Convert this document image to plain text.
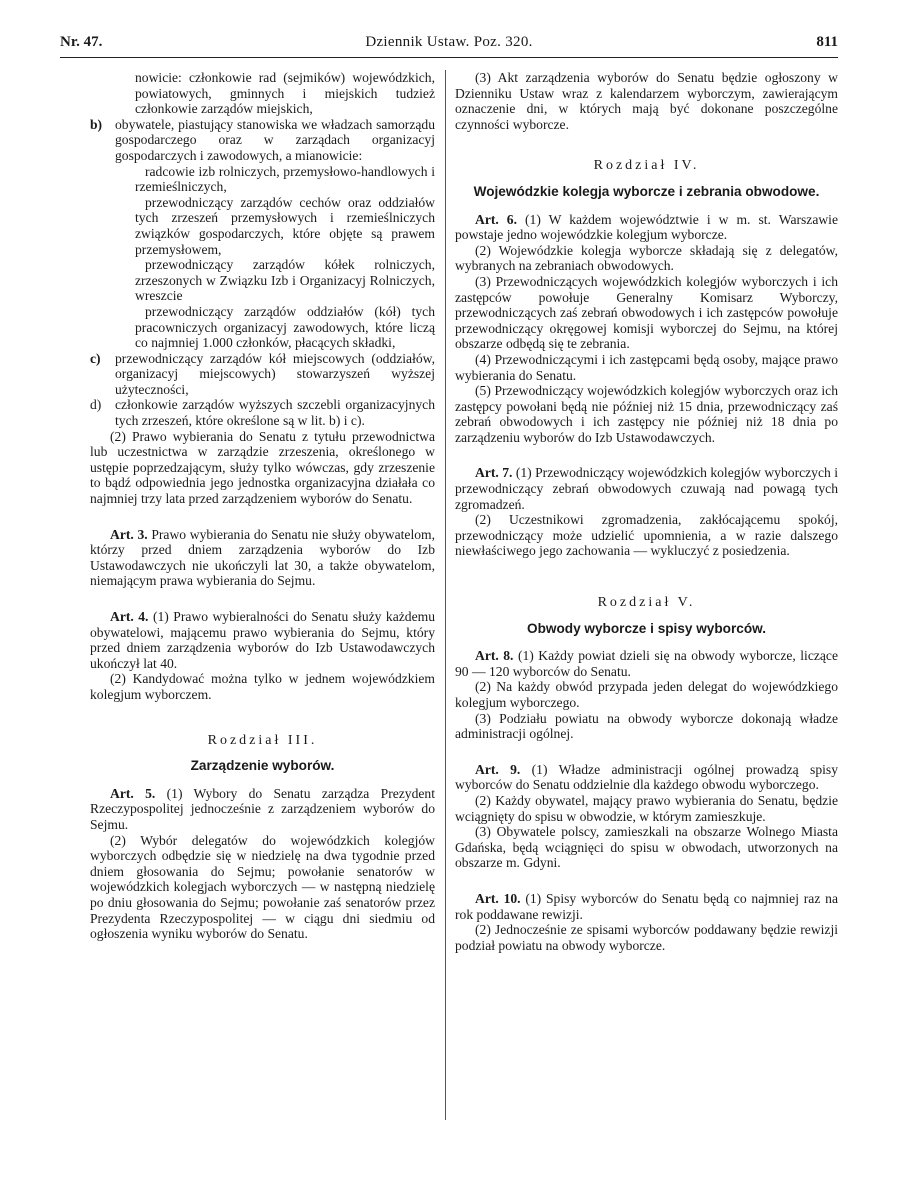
Nr. 47.	Dziennik Ustaw. Poz. 320.	811

nowicie: członkowie rad (sejmików) wojewódzkich, powiatowych, gminnych i miejskich tudzież członkowie zarządów miejskich,

b) obywatele, piastujący stanowiska we władzach samorządu gospodarczego oraz w zarządach organizacyj gospodarczych i zawodowych, a mianowicie:

radcowie izb rolniczych, przemysłowo-handlowych i rzemieślniczych,

przewodniczący zarządów cechów oraz oddziałów tych zrzeszeń przemysłowych i rzemieślniczych związków gospodarczych, które objęte są prawem przemysłowem,

przewodniczący zarządów kółek rolniczych, zrzeszonych w Związku Izb i Organizacyj Rolniczych, wreszcie

przewodniczący zarządów oddziałów (kół) tych pracowniczych organizacyj zawodowych, które liczą co najmniej 1.000 członków, płacących składki,

c)	przewodniczący zarządów kół miejscowych (oddziałów, organizacyj miejscowych) stowarzyszeń wyższej użyteczności,
d)	członkowie zarządów wyższych szczebli organizacyjnych tych zrzeszeń, które określone są w lit. b) i c).

(2) Prawo wybierania do Senatu z tytułu przewodnictwa lub uczestnictwa w zarządzie zrzeszenia, określonego w ustępie poprzedzającym, służy tylko wówczas, gdy zrzeszenie to bądź odpowiednia jego jednostka organizacyjna działała co najmniej trzy lata przed zarządzeniem wyborów do Senatu.

Art. 3. Prawo wybierania do Senatu nie służy obywatelom, którzy przed dniem zarządzenia wyborów do Izb Ustawodawczych nie ukończyli lat 30, a także obywatelom, niemającym prawa wybierania do Sejmu.

Art. 4. (1) Prawo wybieralności do Senatu służy każdemu obywatelowi, mającemu prawo wybierania do Sejmu, który przed dniem zarządzenia wyborów do Izb Ustawodawczych ukończył lat 40.

(2) Kandydować można tylko w jednem wojewódzkiem kolegjum wyborczem.

Rozdział III.

Zarządzenie wyborów.

Art. 5. (1) Wybory do Senatu zarządza Prezydent Rzeczypospolitej jednocześnie z zarządzeniem wyborów do Sejmu.

(2) Wybór delegatów do wojewódzkich kolegjów wyborczych odbędzie się w niedzielę na dwa tygodnie przed dniem głosowania do Sejmu; powołanie senatorów w wojewódzkich kolegjach wyborczych — w następną niedzielę po dniu głosowania do Sejmu; powołanie zaś senatorów przez Prezydenta Rzeczypospolitej — w ciągu dni siedmiu od ogłoszenia wyniku wyborów do Senatu.

(3) Akt zarządzenia wyborów do Senatu będzie ogłoszony w Dzienniku Ustaw wraz z kalendarzem wyborczym, zawierającym oznaczenie dni, w których mają być dokonane poszczególne czynności wyborcze.

Rozdział IV.

Wojewódzkie kolegja wyborcze i zebrania obwodowe.

Art. 6. (1) W każdem województwie i w m. st. Warszawie powstaje jedno wojewódzkie kolegjum wyborcze.

(2) Wojewódzkie kolegja wyborcze składają się z delegatów, wybranych na zebraniach obwodowych.

(3) Przewodniczących wojewódzkich kolegjów wyborczych i ich zastępców powołuje Generalny Komisarz Wyborczy, przewodniczących zaś zebrań obwodowych i ich zastępców powołuje przewodniczący okręgowej komisji wyborczej do Sejmu, na której obszarze odbędą się te zebrania.

(4) Przewodniczącymi i ich zastępcami będą osoby, mające prawo wybierania do Senatu.

(5) Przewodniczący wojewódzkich kolegjów wyborczych oraz ich zastępcy powołani będą nie później niż 15 dnia, przewodniczący zaś zebrań obwodowych i ich zastępcy nie później niż 18 dnia po zarządzeniu wyborów do Izb Ustawodawczych.

Art. 7. (1) Przewodniczący wojewódzkich kolegjów wyborczych i przewodniczący zebrań obwodowych czuwają nad powagą tych zgromadzeń.

(2) Uczestnikowi zgromadzenia, zakłócającemu spokój, przewodniczący może udzielić upomnienia, a w razie dalszego niewłaściwego jego zachowania — wykluczyć z posiedzenia.

Rozdział V.

Obwody wyborcze i spisy wyborców.

Art. 8. (1) Każdy powiat dzieli się na obwody wyborcze, liczące 90 — 120 wyborców do Senatu.

(2) Na każdy obwód przypada jeden delegat do wojewódzkiego kolegjum wyborczego.

(3) Podziału powiatu na obwody wyborcze dokonają władze administracji ogólnej.

Art. 9. (1) Władze administracji ogólnej prowadzą spisy wyborców do Senatu oddzielnie dla każdego obwodu wyborczego.

(2) Każdy obywatel, mający prawo wybierania do Senatu, będzie wciągnięty do spisu w obwodzie, w którym zamieszkuje.

(3) Obywatele polscy, zamieszkali na obszarze Wolnego Miasta Gdańska, będą wciągnięci do spisu w obwodach, utworzonych na obszarze m. Gdyni.

Art. 10. (1) Spisy wyborców do Senatu będą co najmniej raz na rok poddawane rewizji.

(2) Jednocześnie ze spisami wyborców poddawany będzie rewizji podział powiatu na obwody wyborcze.
